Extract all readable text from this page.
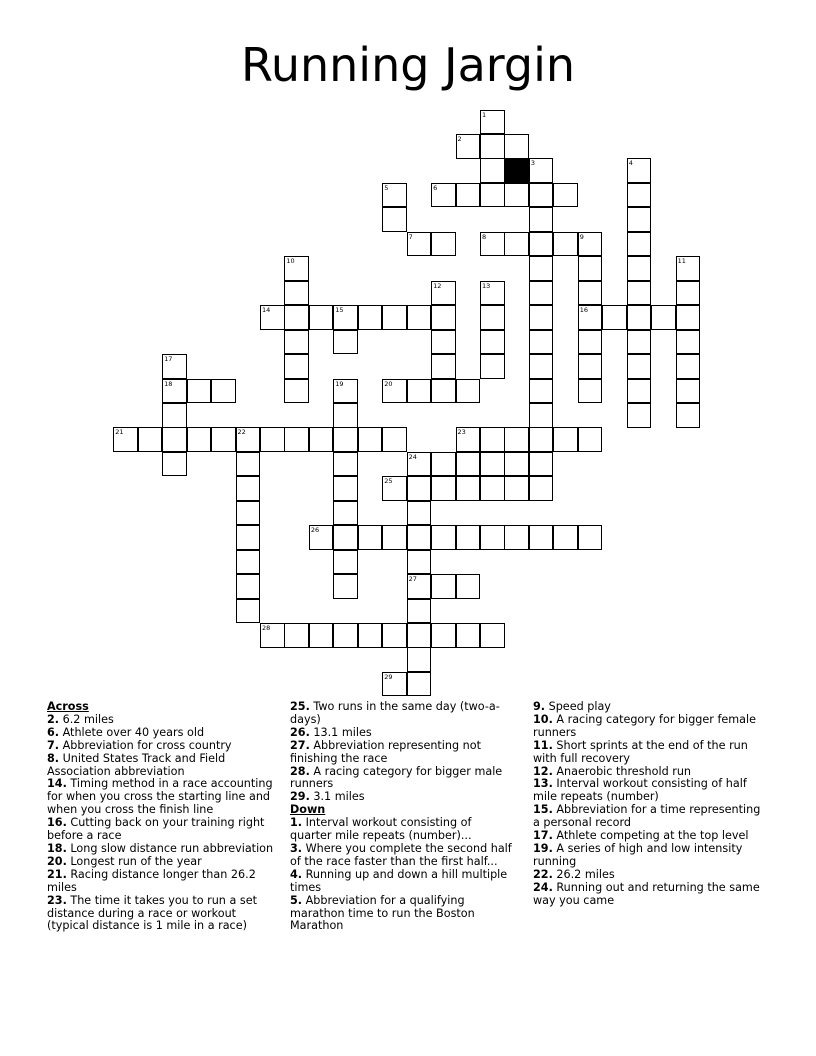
Running Jargin
1
2
3	4
5	6
7	8	9
10	11
12	13
14	15	16
17
18	19	20
21	22	23
24
25
26
27
28
29
Across
2. 6.2 miles
6. Athlete over 40 years old
7. Abbreviation for cross country
8. United States Track and Field Association abbreviation
14. Timing method in a race accounting for when you cross the starting line and when you cross the finish line
16. Cutting back on your training right before a race
18. Long slow distance run abbreviation
20. Longest run of the year
21. Racing distance longer than 26.2 miles
23. The time it takes you to run a set distance during a race or workout (typical distance is 1 mile in a race)
25. Two runs in the same day (two-a-days)
26. 13.1 miles
27. Abbreviation representing not finishing the race
28. A racing category for bigger male runners
29. 3.1 miles
Down
1. Interval workout consisting of quarter mile repeats (number)...
3. Where you complete the second half of the race faster than the first half...
4. Running up and down a hill multiple times
5. Abbreviation for a qualifying marathon time to run the Boston Marathon
9. Speed play
10. A racing category for bigger female runners
11. Short sprints at the end of the run with full recovery
12. Anaerobic threshold run
13. Interval workout consisting of half mile repeats (number)
15. Abbreviation for a time representing a personal record
17. Athlete competing at the top level
19. A series of high and low intensity running
22. 26.2 miles
24. Running out and returning the same way you came
